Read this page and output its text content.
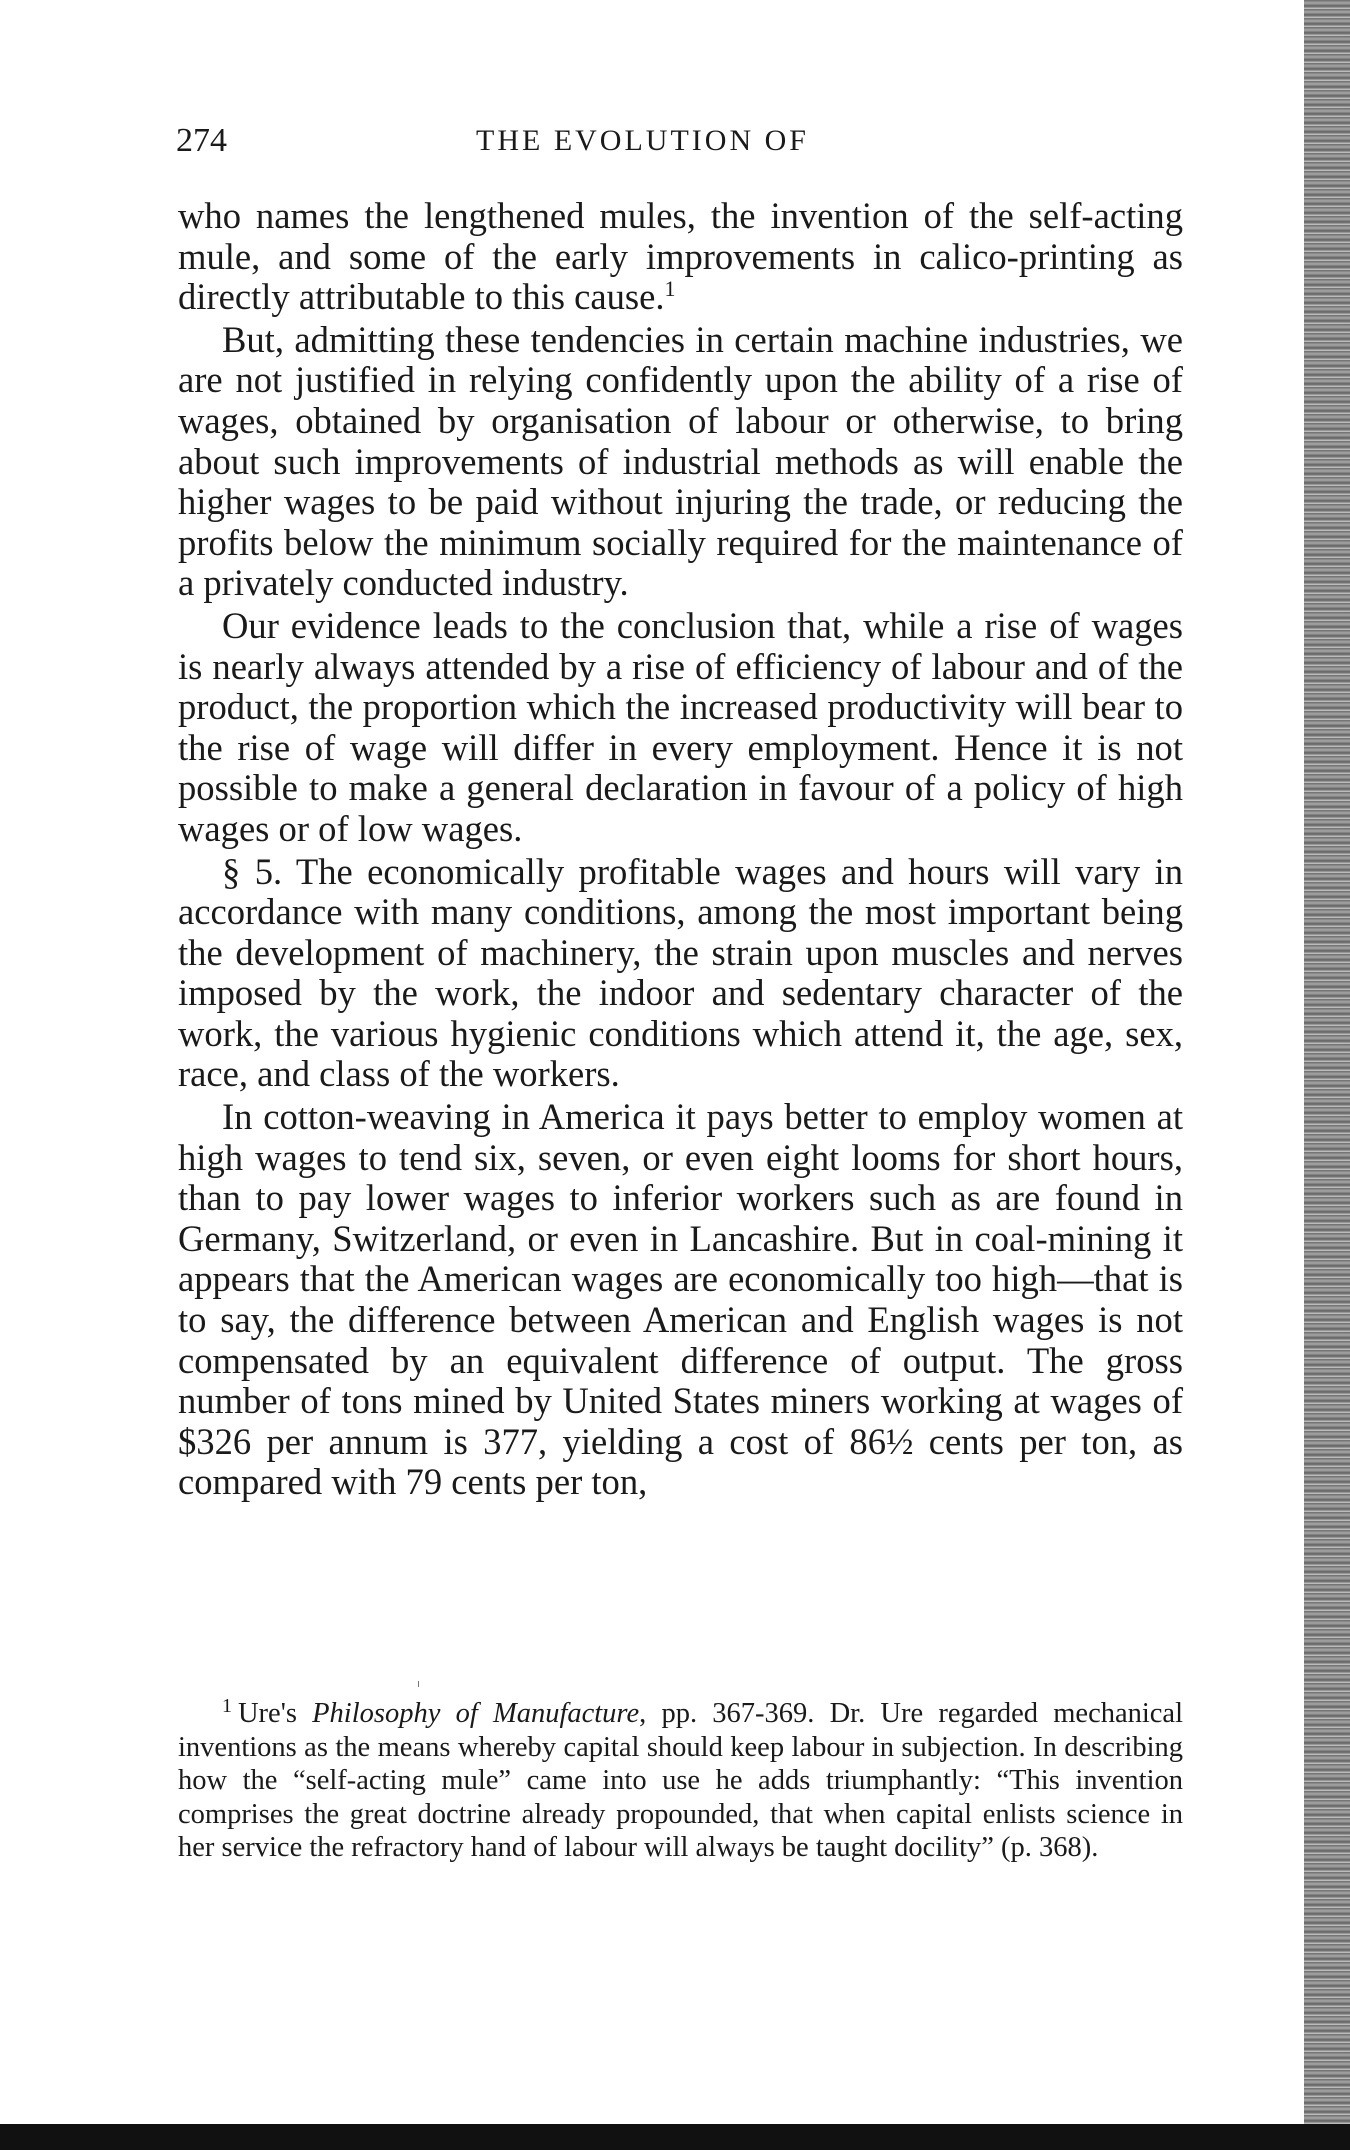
274	THE EVOLUTION OF

who names the lengthened mules, the invention of the self-acting mule, and some of the early improvements in calico-printing as directly attributable to this cause.$^1$

But, admitting these tendencies in certain machine industries, we are not justified in relying confidently upon the ability of a rise of wages, obtained by organisation of labour or otherwise, to bring about such improvements of industrial methods as will enable the higher wages to be paid without injuring the trade, or reducing the profits below the minimum socially required for the maintenance of a privately conducted industry.

Our evidence leads to the conclusion that, while a rise of wages is nearly always attended by a rise of efficiency of labour and of the product, the proportion which the increased productivity will bear to the rise of wage will differ in every employment. Hence it is not possible to make a general declaration in favour of a policy of high wages or of low wages.

§ 5. The economically profitable wages and hours will vary in accordance with many conditions, among the most important being the development of machinery, the strain upon muscles and nerves imposed by the work, the indoor and sedentary character of the work, the various hygienic conditions which attend it, the age, sex, race, and class of the workers.

In cotton-weaving in America it pays better to employ women at high wages to tend six, seven, or even eight looms for short hours, than to pay lower wages to inferior workers such as are found in Germany, Switzerland, or even in Lancashire. But in coal-mining it appears that the American wages are economically too high—that is to say, the difference between American and English wages is not compensated by an equivalent difference of output. The gross number of tons mined by United States miners working at wages of $326 per annum is 377, yielding a cost of 86½ cents per ton, as compared with 79 cents per ton,

$^1$ Ure's Philosophy of Manufacture, pp. 367-369. Dr. Ure regarded mechanical inventions as the means whereby capital should keep labour in subjection. In describing how the “self-acting mule” came into use he adds triumphantly: “This invention comprises the great doctrine already propounded, that when capital enlists science in her service the refractory hand of labour will always be taught docility” (p. 368).
